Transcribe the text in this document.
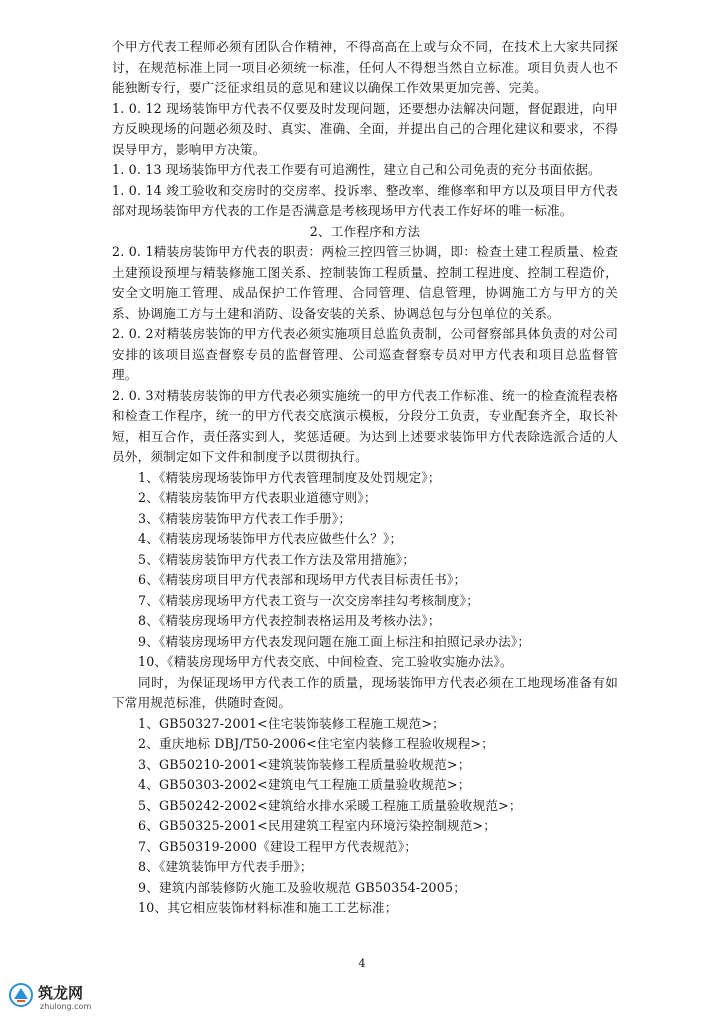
个甲方代表工程师必须有团队合作精神，不得高高在上或与众不同，在技术上大家共同探讨，在规范标准上同一项目必须统一标准，任何人不得想当然自立标准。项目负责人也不能独断专行，要广泛征求组员的意见和建议以确保工作效果更加完善、完美。

1. 0. 12 现场装饰甲方代表不仅要及时发现问题，还要想办法解决问题，督促跟进，向甲方反映现场的问题必须及时、真实、准确、全面，并提出自己的合理化建议和要求，不得误导甲方，影响甲方决策。

1. 0. 13 现场装饰甲方代表工作要有可追溯性，建立自己和公司免责的充分书面依据。

1. 0. 14 竣工验收和交房时的交房率、投诉率、整改率、维修率和甲方以及项目甲方代表部对现场装饰甲方代表的工作是否满意是考核现场甲方代表工作好坏的唯一标准。

2、工作程序和方法

2. 0. 1精装房装饰甲方代表的职责：两检三控四管三协调，即：检查土建工程质量、检查土建预设预埋与精装修施工图关系、控制装饰工程质量、控制工程进度、控制工程造价，安全文明施工管理、成品保护工作管理、合同管理、信息管理，协调施工方与甲方的关系、协调施工方与土建和消防、设备安装的关系、协调总包与分包单位的关系。

2. 0. 2对精装房装饰的甲方代表必须实施项目总监负责制，公司督察部具体负责的对公司安排的该项目巡查督察专员的监督管理、公司巡查督察专员对甲方代表和项目总监督管理。

2. 0. 3对精装房装饰的甲方代表必须实施统一的甲方代表工作标准、统一的检查流程表格和检查工作程序，统一的甲方代表交底演示模板，分段分工负责，专业配套齐全，取长补短，相互合作，责任落实到人，奖惩适硬。为达到上述要求装饰甲方代表除选派合适的人员外，须制定如下文件和制度予以贯彻执行。

1、《精装房现场装饰甲方代表管理制度及处罚规定》；
2、《精装房装饰甲方代表职业道德守则》；
3、《精装房装饰甲方代表工作手册》；
4、《精装房现场装饰甲方代表应做些什么？》；
5、《精装房装饰甲方代表工作方法及常用措施》；
6、《精装房项目甲方代表部和现场甲方代表目标责任书》；
7、《精装房现场甲方代表工资与一次交房率挂勾考核制度》；
8、《精装房现场甲方代表控制表格运用及考核办法》；
9、《精装房现场甲方代表发现问题在施工面上标注和拍照记录办法》；
10、《精装房现场甲方代表交底、中间检查、完工验收实施办法》。

同时，为保证现场甲方代表工作的质量，现场装饰甲方代表必须在工地现场准备有如下常用规范标准，供随时查阅。

1、GB50327-2001<住宅装饰装修工程施工规范>；
2、重庆地标 DBJ/T50-2006<住宅室内装修工程验收规程>；
3、GB50210-2001<建筑装饰装修工程质量验收规范>；
4、GB50303-2002<建筑电气工程施工质量验收规范>；
5、GB50242-2002<建筑给水排水采暖工程施工质量验收规范>；
6、GB50325-2001<民用建筑工程室内环境污染控制规范>；
7、GB50319-2000《建设工程甲方代表规范》；
8、《建筑装饰甲方代表手册》；
9、建筑内部装修防火施工及验收规范 GB50354-2005；
10、其它相应装饰材料标准和施工工艺标准；
4
筑龙网
zhulong.com
